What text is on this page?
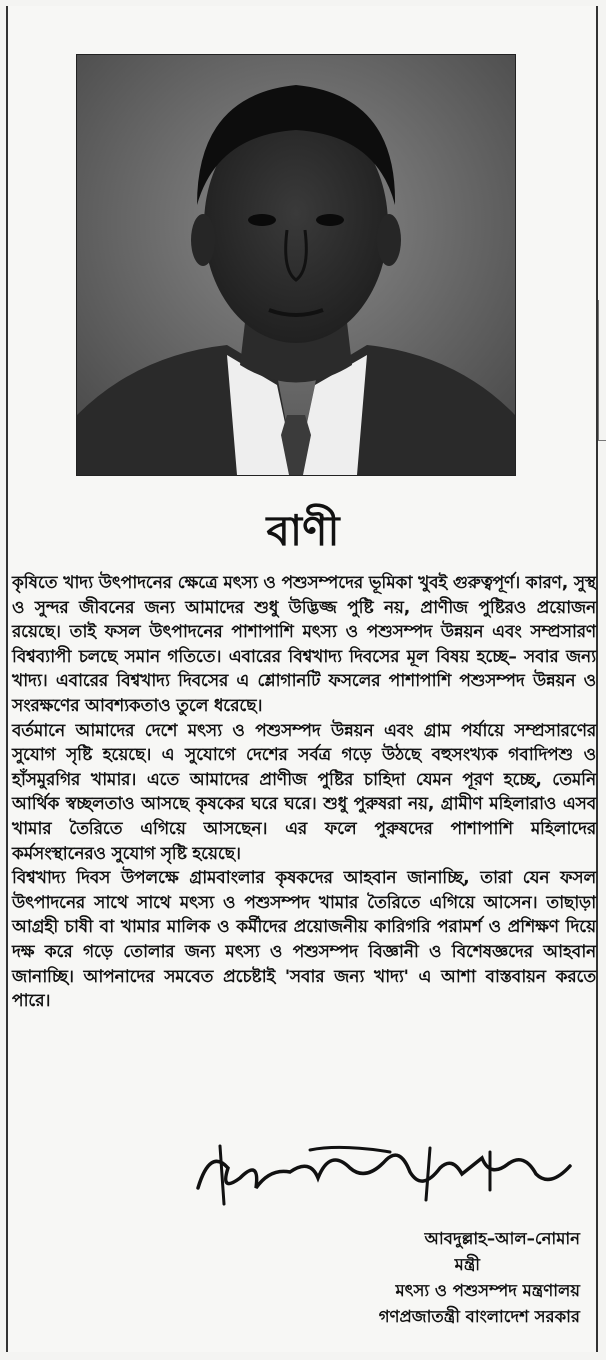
বাণী

কৃষিতে খাদ্য উৎপাদনের ক্ষেত্রে মৎস্য ও পশুসম্পদের ভূমিকা খুবই গুরুত্বপূর্ণ। কারণ, সুস্থ ও সুন্দর জীবনের জন্য আমাদের শুধু উদ্ভিজ্জ পুষ্টি নয়, প্রাণীজ পুষ্টিরও প্রয়োজন রয়েছে। তাই ফসল উৎপাদনের পাশাপাশি মৎস্য ও পশুসম্পদ উন্নয়ন এবং সম্প্রসারণ বিশ্বব্যাপী চলছে সমান গতিতে। এবারের বিশ্বখাদ্য দিবসের মূল বিষয় হচ্ছে– সবার জন্য খাদ্য। এবারের বিশ্বখাদ্য দিবসের এ শ্লোগানটি ফসলের পাশাপাশি পশুসম্পদ উন্নয়ন ও সংরক্ষণের আবশ্যকতাও তুলে ধরেছে।

বর্তমানে আমাদের দেশে মৎস্য ও পশুসম্পদ উন্নয়ন এবং গ্রাম পর্যায়ে সম্প্রসারণের সুযোগ সৃষ্টি হয়েছে। এ সুযোগে দেশের সর্বত্র গড়ে উঠছে বহুসংখ্যক গবাদিপশু ও হাঁসমুরগির খামার। এতে আমাদের প্রাণীজ পুষ্টির চাহিদা যেমন পূরণ হচ্ছে, তেমনি আর্থিক স্বচ্ছলতাও আসছে কৃষকের ঘরে ঘরে। শুধু পুরুষরা নয়, গ্রামীণ মহিলারাও এসব খামার তৈরিতে এগিয়ে আসছেন। এর ফলে পুরুষদের পাশাপাশি মহিলাদের কর্মসংস্থানেরও সুযোগ সৃষ্টি হয়েছে।

বিশ্বখাদ্য দিবস উপলক্ষে গ্রামবাংলার কৃষকদের আহবান জানাচ্ছি, তারা যেন ফসল উৎপাদনের সাথে সাথে মৎস্য ও পশুসম্পদ খামার তৈরিতে এগিয়ে আসেন। তাছাড়া আগ্রহী চাষী বা খামার মালিক ও কর্মীদের প্রয়োজনীয় কারিগরি পরামর্শ ও প্রশিক্ষণ দিয়ে দক্ষ করে গড়ে তোলার জন্য মৎস্য ও পশুসম্পদ বিজ্ঞানী ও বিশেষজ্ঞদের আহবান জানাচ্ছি। আপনাদের সমবেত প্রচেষ্টাই 'সবার জন্য খাদ্য' এ আশা বাস্তবায়ন করতে পারে।

আবদুল্লাহ–আল–নোমান
মন্ত্রী
মৎস্য ও পশুসম্পদ মন্ত্রণালয়
গণপ্রজাতন্ত্রী বাংলাদেশ সরকার
